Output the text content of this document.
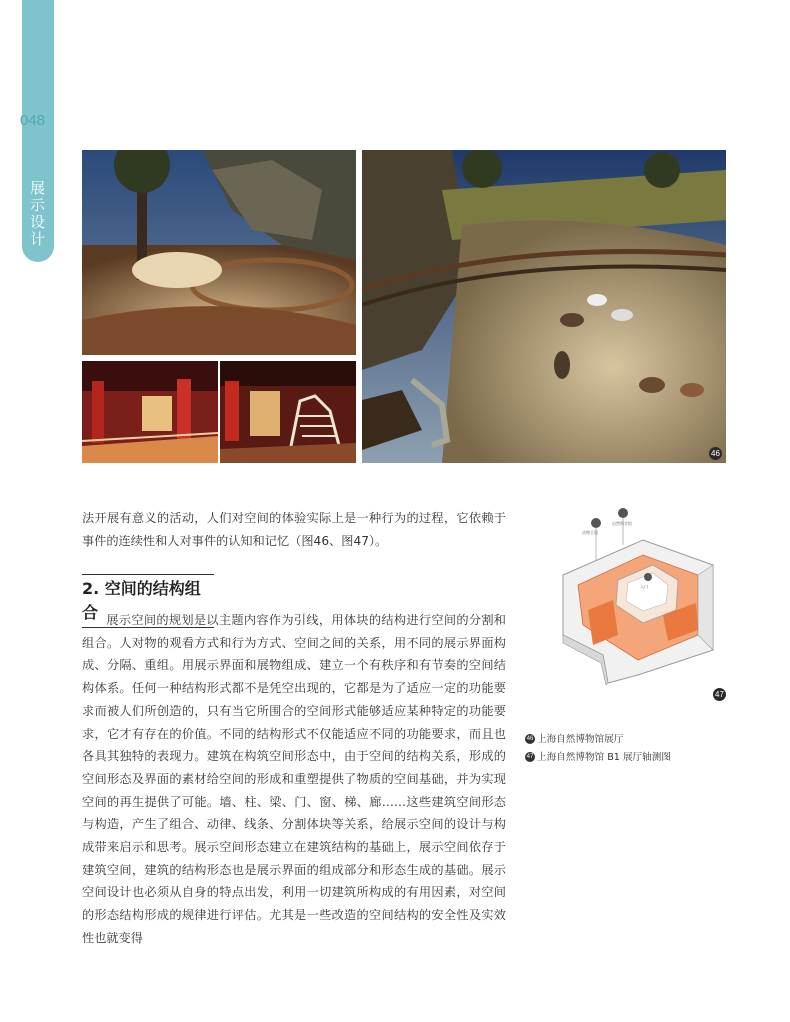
展
示
设
计
048
46
法开展有意义的活动，人们对空间的体验实际上是一种行为的过程，它依赖于事件的连续性和人对事件的认知和记忆（图46、图47）。
2. 空间的结构组合 展示空间的规划是以主题内容作为引线，用体块的结构进行空间的分割和组合。人对物的观看方式和行为方式、空间之间的关系，用不同的展示界面构成、分隔、重组。用展示界面和展物组成、建立一个有秩序和有节奏的空间结构体系。任何一种结构形式都不是凭空出现的，它都是为了适应一定的功能要求而被人们所创造的，只有当它所围合的空间形式能够适应某种特定的功能要求，它才有存在的价值。不同的结构形式不仅能适应不同的功能要求，而且也各具其独特的表现力。建筑在构筑空间形态中，由于空间的结构关系，形成的空间形态及界面的素材给空间的形成和重塑提供了物质的空间基础，并为实现空间的再生提供了可能。墙、柱、梁、门、窗、梯、廊……这些建筑空间形态与构造，产生了组合、动律、线条、分割体块等关系，给展示空间的设计与构成带来启示和思考。展示空间形态建立在建筑结构的基础上，展示空间依存于建筑空间，建筑的结构形态也是展示界面的组成部分和形态生成的基础。展示空间设计也必须从自身的特点出发，利用一切建筑所构成的有用因素，对空间的形态结构形成的规律进行评估。尤其是一些改造的空间结构的安全性及实效性也就变得
动物王国
自然科学馆
入口
47
46 上海自然博物馆展厅
47 上海自然博物馆 B1 展厅轴测图
